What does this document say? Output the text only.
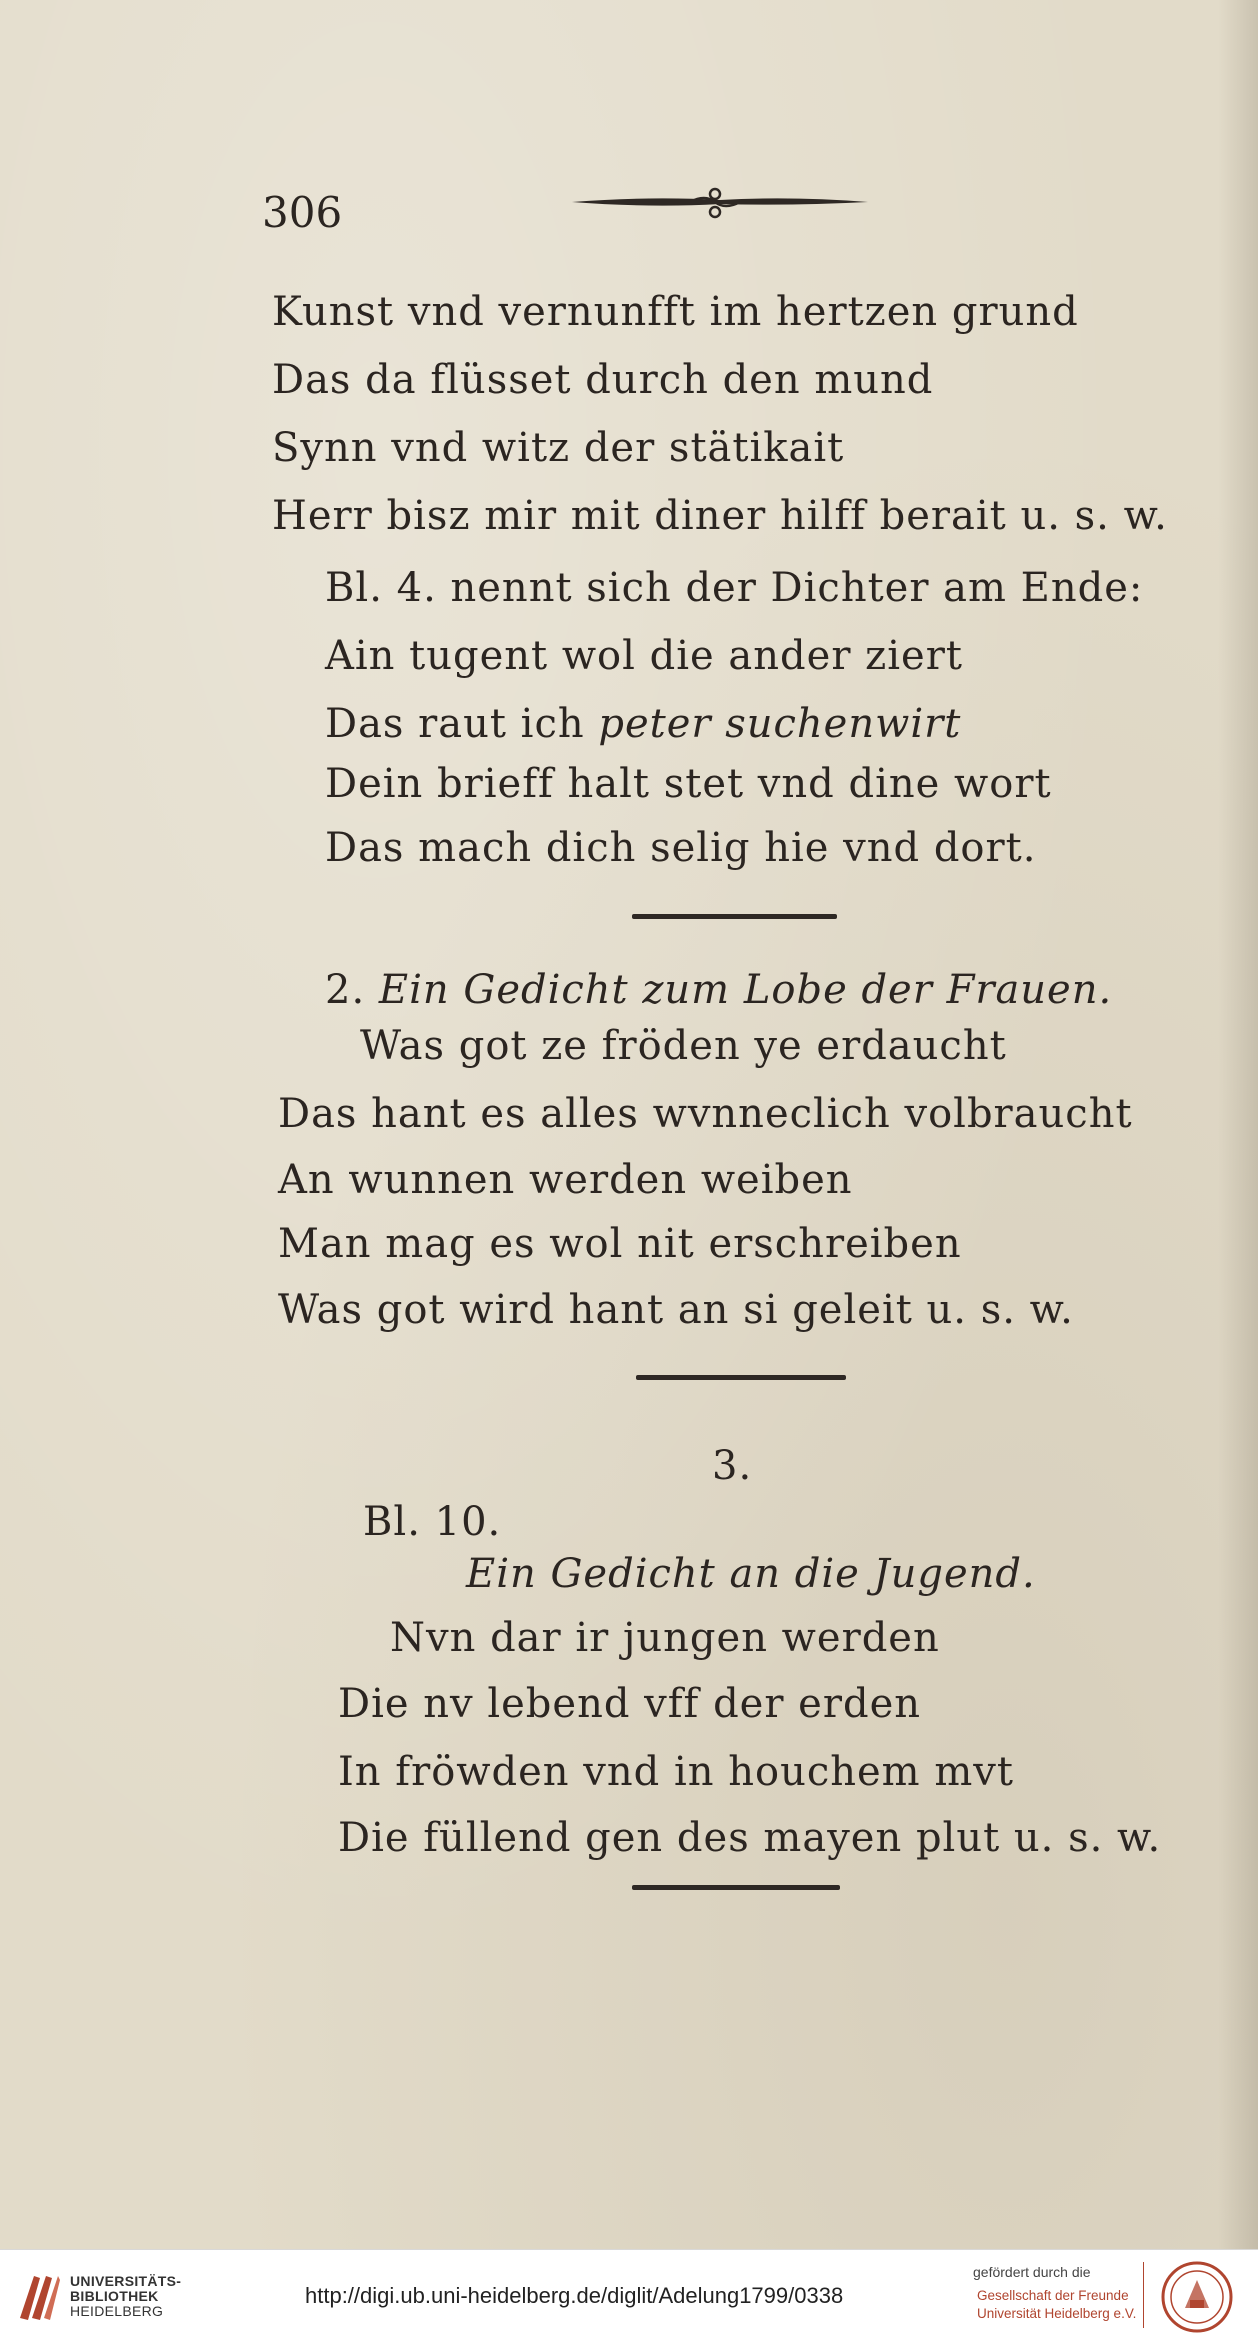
306
Kunst vnd vernunfft im hertzen grund
Das da flüsset durch den mund
Synn vnd witz der stätikait
Herr bisz mir mit diner hilff berait u. s. w.
Bl. 4. nennt sich der Dichter am Ende:
Ain tugent wol die ander ziert
Das raut ich peter suchenwirt
Dein brieff halt stet vnd dine wort
Das mach dich selig hie vnd dort.
2. Ein Gedicht zum Lobe der Frauen.
Was got ze fröden ye erdaucht
Das hant es alles wvnneclich volbraucht
An wunnen werden weiben
Man mag es wol nit erschreiben
Was got wird hant an si geleit u. s. w.
3.
Bl. 10.
Ein Gedicht an die Jugend.
Nvn dar ir jungen werden
Die nv lebend vff der erden
In fröwden vnd in houchem mvt
Die füllend gen des mayen plut u. s. w.
UNIVERSITÄTS-
BIBLIOTHEK
HEIDELBERG
http://digi.ub.uni-heidelberg.de/diglit/Adelung1799/0338
gefördert durch die
Gesellschaft der Freunde
Universität Heidelberg e.V.
